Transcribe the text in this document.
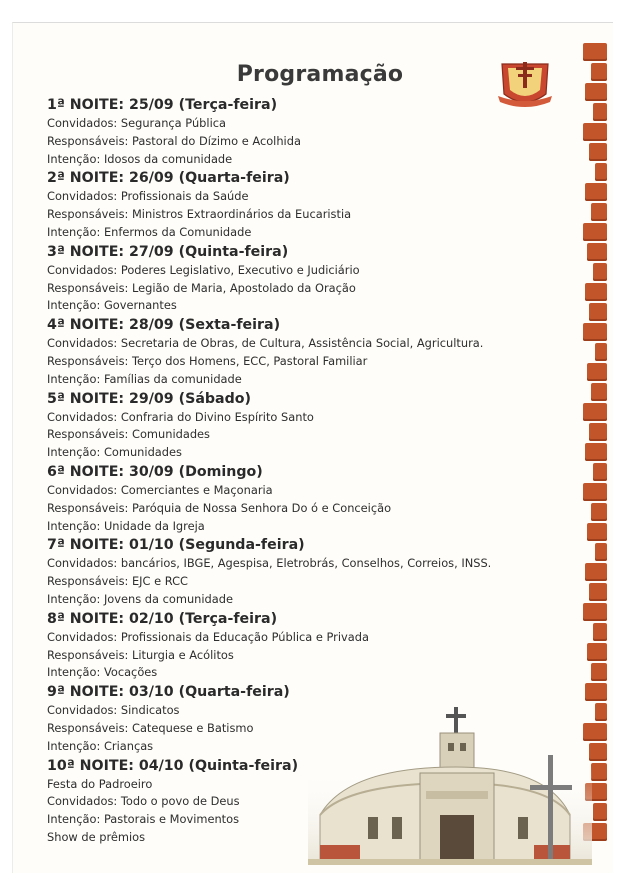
Programação
1ª NOITE: 25/09 (Terça-feira)
Convidados: Segurança Pública
Responsáveis: Pastoral do Dízimo e Acolhida
Intenção: Idosos da comunidade
2ª NOITE: 26/09 (Quarta-feira)
Convidados: Profissionais da Saúde
Responsáveis: Ministros Extraordinários da Eucaristia
Intenção: Enfermos da Comunidade
3ª NOITE: 27/09 (Quinta-feira)
Convidados: Poderes Legislativo, Executivo e Judiciário
Responsáveis: Legião de Maria, Apostolado da Oração
Intenção: Governantes
4ª NOITE: 28/09 (Sexta-feira)
Convidados: Secretaria de Obras, de Cultura, Assistência Social, Agricultura.
Responsáveis: Terço dos Homens, ECC, Pastoral Familiar
Intenção: Famílias da comunidade
5ª NOITE: 29/09 (Sábado)
Convidados: Confraria do Divino Espírito Santo
Responsáveis: Comunidades
Intenção: Comunidades
6ª NOITE: 30/09 (Domingo)
Convidados: Comerciantes e Maçonaria
Responsáveis: Paróquia de Nossa Senhora Do ó e Conceição
Intenção: Unidade da Igreja
7ª NOITE: 01/10 (Segunda-feira)
Convidados: bancários, IBGE, Agespisa, Eletrobrás, Conselhos, Correios, INSS.
Responsáveis: EJC e RCC
Intenção: Jovens da comunidade
8ª NOITE: 02/10 (Terça-feira)
Convidados: Profissionais da Educação Pública e Privada
Responsáveis: Liturgia e Acólitos
Intenção: Vocações
9ª NOITE: 03/10 (Quarta-feira)
Convidados: Sindicatos
Responsáveis: Catequese e Batismo
Intenção: Crianças
10ª NOITE: 04/10 (Quinta-feira)
Festa do Padroeiro
Convidados: Todo o povo de Deus
Intenção: Pastorais e Movimentos
Show de prêmios
